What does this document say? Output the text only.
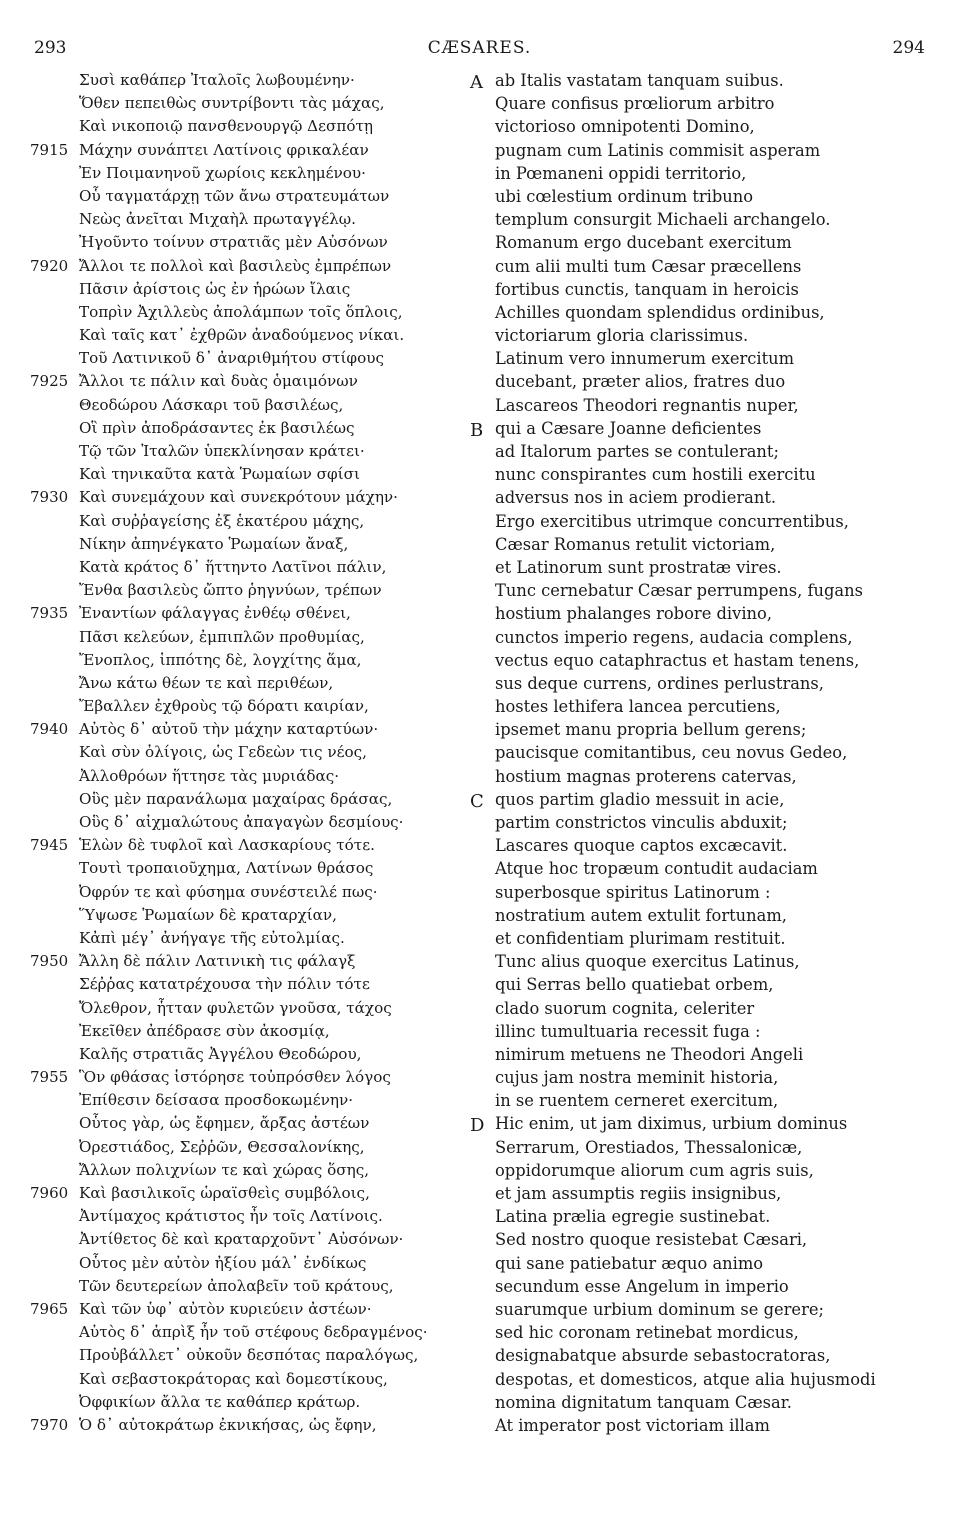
293	CÆSARES.	294
Συσὶ καθάπερ Ἰταλοῖς λωβουμένην·
Ὅθεν πεπειθὼς συντρίβοντι τὰς μάχας,
Καὶ νικοποιῷ πανσθενουργῷ Δεσπότῃ
7915 Μάχην συνάπτει Λατίνοις φρικαλέαν
Ἐν Ποιμανηνοῦ χωρίοις κεκλημένου·
Οὗ ταγματάρχῃ τῶν ἄνω στρατευμάτων
Νεὼς ἀνεῖται Μιχαὴλ πρωταγγέλῳ.
Ἠγοῦντο τοίνυν στρατιᾶς μὲν Αὐσόνων
7920 Ἄλλοι τε πολλοὶ καὶ βασιλεὺς ἐμπρέπων
Πᾶσιν ἀρίστοις ὡς ἐν ἡρώων ἴλαις
Τοπρὶν Ἀχιλλεὺς ἀπολάμπων τοῖς ὅπλοις,
Καὶ ταῖς κατ᾽ ἐχθρῶν ἀναδούμενος νίκαι.
Τοῦ Λατινικοῦ δ᾽ ἀναριθμήτου στίφους
7925 Ἄλλοι τε πάλιν καὶ δυὰς ὁμαιμόνων
Θεοδώρου Λάσκαρι τοῦ βασιλέως,
Οἳ πρὶν ἀποδράσαντες ἐκ βασιλέως
Τῷ τῶν Ἰταλῶν ὑπεκλίνησαν κράτει·
Καὶ τηνικαῦτα κατὰ Ῥωμαίων σφίσι
7930 Καὶ συνεμάχουν καὶ συνεκρότουν μάχην·
Καὶ συῤῥαγείσης ἐξ ἑκατέρου μάχης,
Νίκην ἀπηνέγκατο Ῥωμαίων ἄναξ,
Κατὰ κράτος δ᾽ ἥττηντο Λατῖνοι πάλιν,
Ἔνθα βασιλεὺς ὤπτο ῥηγνύων, τρέπων
7935 Ἐναντίων φάλαγγας ἐνθέῳ σθένει,
Πᾶσι κελεύων, ἐμπιπλῶν προθυμίας,
Ἔνοπλος, ἱππότης δὲ, λογχίτης ἅμα,
Ἄνω κάτω θέων τε καὶ περιθέων,
Ἔβαλλεν ἐχθροὺς τῷ δόρατι καιρίαν,
7940 Αὐτὸς δ᾽ αὐτοῦ τὴν μάχην καταρτύων·
Καὶ σὺν ὀλίγοις, ὡς Γεδεὼν τις νέος,
Ἀλλοθρόων ἥττησε τὰς μυριάδας·
Οὓς μὲν παρανάλωμα μαχαίρας δράσας,
Οὓς δ᾽ αἰχμαλώτους ἀπαγαγὼν δεσμίους·
7945 Ἑλὼν δὲ τυφλοῖ καὶ Λασκαρίους τότε.
Τουτὶ τροπαιοῦχημα, Λατίνων θράσος
Ὀφρύν τε καὶ φύσημα συνέστειλέ πως·
Ὕψωσε Ῥωμαίων δὲ κραταρχίαν,
Κἀπὶ μέγ᾽ ἀνήγαγε τῆς εὐτολμίας.
7950 Ἄλλη δὲ πάλιν Λατινικὴ τις φάλαγξ
Σέῤῥας κατατρέχουσα τὴν πόλιν τότε
Ὄλεθρον, ἧτταν φυλετῶν γνοῦσα, τάχος
Ἐκεῖθεν ἀπέδρασε σὺν ἀκοσμίᾳ,
Καλῆς στρατιᾶς Ἀγγέλου Θεοδώρου,
7955 Ὃν φθάσας ἱστόρησε τοὐπρόσθεν λόγος
Ἐπίθεσιν δείσασα προσδοκωμένην·
Οὗτος γὰρ, ὡς ἔφημεν, ἄρξας ἀστέων
Ὀρεστιάδος, Σεῤῥῶν, Θεσσαλονίκης,
Ἄλλων πολιχνίων τε καὶ χώρας ὅσης,
7960 Καὶ βασιλικοῖς ὡραϊσθεὶς συμβόλοις,
Ἀντίμαχος κράτιστος ἦν τοῖς Λατίνοις.
Ἀντίθετος δὲ καὶ κραταρχοῦντ᾽ Αὐσόνων·
Οὗτος μὲν αὐτὸν ἠξίου μάλ᾽ ἐνδίκως
Τῶν δευτερείων ἀπολαβεῖν τοῦ κράτους,
7965 Καὶ τῶν ὑφ᾽ αὐτὸν κυριεύειν ἀστέων·
Αὐτὸς δ᾽ ἀπρὶξ ἦν τοῦ στέφους δεδραγμένος·
Προὐβάλλετ᾽ οὐκοῦν δεσπότας παραλόγως,
Καὶ σεβαστοκράτορας καὶ δομεστίκους,
Ὀφφικίων ἄλλα τε καθάπερ κράτωρ.
7970 Ὁ δ᾽ αὐτοκράτωρ ἐκνικήσας, ὡς ἔφην,
A ab Italis vastatam tanquam suibus.
Quare confisus prœliorum arbitro
victorioso omnipotenti Domino,
pugnam cum Latinis commisit asperam
in Pœmaneni oppidi territorio,
ubi cœlestium ordinum tribuno
templum consurgit Michaeli archangelo.
Romanum ergo ducebant exercitum
cum alii multi tum Cæsar præcellens
fortibus cunctis, tanquam in heroicis
Achilles quondam splendidus ordinibus,
victoriarum gloria clarissimus.
Latinum vero innumerum exercitum
ducebant, præter alios, fratres duo
Lascareos Theodori regnantis nuper,
B qui a Cæsare Joanne deficientes
ad Italorum partes se contulerant;
nunc conspirantes cum hostili exercitu
adversus nos in aciem prodierant.
Ergo exercitibus utrimque concurrentibus,
Cæsar Romanus retulit victoriam,
et Latinorum sunt prostratæ vires.
Tunc cernebatur Cæsar perrumpens, fugans
hostium phalanges robore divino,
cunctos imperio regens, audacia complens,
vectus equo cataphractus et hastam tenens,
sus deque currens, ordines perlustrans,
hostes lethifera lancea percutiens,
ipsemet manu propria bellum gerens;
paucisque comitantibus, ceu novus Gedeo,
hostium magnas proterens catervas,
C quos partim gladio messuit in acie,
partim constrictos vinculis abduxit;
Lascares quoque captos excæcavit.
Atque hoc tropæum contudit audaciam
superbosque spiritus Latinorum :
nostratium autem extulit fortunam,
et confidentiam plurimam restituit.
Tunc alius quoque exercitus Latinus,
qui Serras bello quatiebat orbem,
clado suorum cognita, celeriter
illinc tumultuaria recessit fuga :
nimirum metuens ne Theodori Angeli
cujus jam nostra meminit historia,
in se ruentem cerneret exercitum,
D Hic enim, ut jam diximus, urbium dominus
Serrarum, Orestiados, Thessalonicæ,
oppidorumque aliorum cum agris suis,
et jam assumptis regiis insignibus,
Latina prælia egregie sustinebat.
Sed nostro quoque resistebat Cæsari,
qui sane patiebatur æquo animo
secundum esse Angelum in imperio
suarumque urbium dominum se gerere;
sed hic coronam retinebat mordicus,
designabatque absurde sebastocratoras,
despotas, et domesticos, atque alia hujusmodi
nomina dignitatum tanquam Cæsar.
At imperator post victoriam illam
